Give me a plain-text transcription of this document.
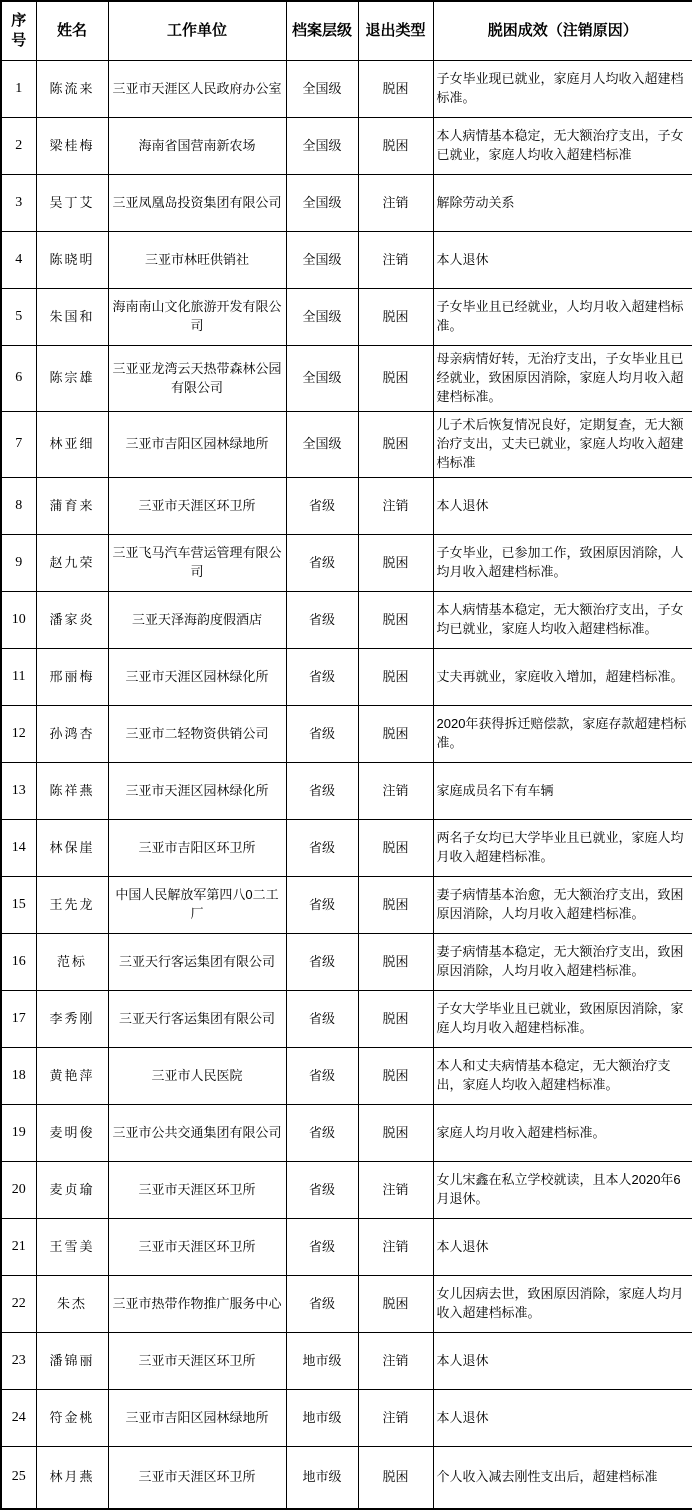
序号	姓名	工作单位	档案层级	退出类型	脱困成效（注销原因）
1	陈流来	三亚市天涯区人民政府办公室	全国级	脱困	子女毕业现已就业，家庭月人均收入超建档标准。
2	梁桂梅	海南省国营南新农场	全国级	脱困	本人病情基本稳定，无大额治疗支出，子女已就业，家庭人均收入超建档标准
3	吴丁艾	三亚凤凰岛投资集团有限公司	全国级	注销	解除劳动关系
4	陈晓明	三亚市林旺供销社	全国级	注销	本人退休
5	朱国和	海南南山文化旅游开发有限公司	全国级	脱困	子女毕业且已经就业，人均月收入超建档标准。
6	陈宗雄	三亚亚龙湾云天热带森林公园有限公司	全国级	脱困	母亲病情好转，无治疗支出，子女毕业且已经就业，致困原因消除，家庭人均月收入超建档标准。
7	林亚细	三亚市吉阳区园林绿地所	全国级	脱困	儿子术后恢复情况良好，定期复查，无大额治疗支出，丈夫已就业，家庭人均收入超建档标准
8	蒲育来	三亚市天涯区环卫所	省级	注销	本人退休
9	赵九荣	三亚飞马汽车营运管理有限公司	省级	脱困	子女毕业，已参加工作，致困原因消除，人均月收入超建档标准。
10	潘家炎	三亚天泽海韵度假酒店	省级	脱困	本人病情基本稳定，无大额治疗支出，子女均已就业，家庭人均收入超建档标准。
11	邢丽梅	三亚市天涯区园林绿化所	省级	脱困	丈夫再就业，家庭收入增加，超建档标准。
12	孙鸿杏	三亚市二轻物资供销公司	省级	脱困	2020年获得拆迁赔偿款，家庭存款超建档标准。
13	陈祥燕	三亚市天涯区园林绿化所	省级	注销	家庭成员名下有车辆
14	林保崖	三亚市吉阳区环卫所	省级	脱困	两名子女均已大学毕业且已就业，家庭人均月收入超建档标准。
15	王先龙	中国人民解放军第四八0二工厂	省级	脱困	妻子病情基本治愈，无大额治疗支出，致困原因消除，人均月收入超建档标准。
16	范标	三亚天行客运集团有限公司	省级	脱困	妻子病情基本稳定，无大额治疗支出，致困原因消除，人均月收入超建档标准。
17	李秀刚	三亚天行客运集团有限公司	省级	脱困	子女大学毕业且已就业，致困原因消除，家庭人均月收入超建档标准。
18	黄艳萍	三亚市人民医院	省级	脱困	本人和丈夫病情基本稳定，无大额治疗支出，家庭人均收入超建档标准。
19	麦明俊	三亚市公共交通集团有限公司	省级	脱困	家庭人均月收入超建档标准。
20	麦贞瑜	三亚市天涯区环卫所	省级	注销	女儿宋鑫在私立学校就读，且本人2020年6月退休。
21	王雪美	三亚市天涯区环卫所	省级	注销	本人退休
22	朱杰	三亚市热带作物推广服务中心	省级	脱困	女儿因病去世，致困原因消除，家庭人均月收入超建档标准。
23	潘锦丽	三亚市天涯区环卫所	地市级	注销	本人退休
24	符金桃	三亚市吉阳区园林绿地所	地市级	注销	本人退休
25	林月燕	三亚市天涯区环卫所	地市级	脱困	个人收入减去刚性支出后，超建档标准
